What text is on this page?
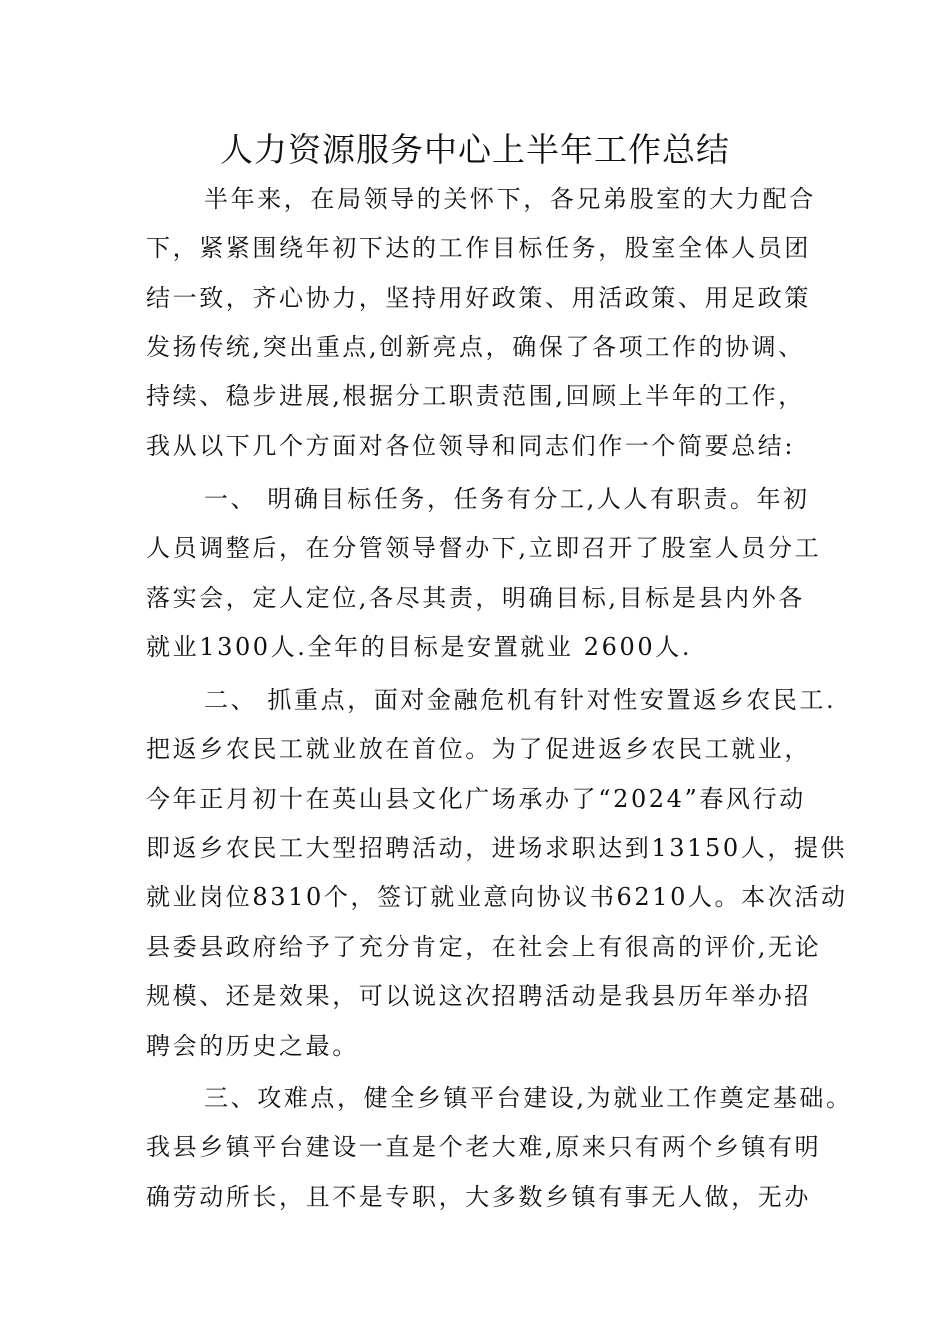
人力资源服务中心上半年工作总结
半年来，在局领导的关怀下，各兄弟股室的大力配合
下，紧紧围绕年初下达的工作目标任务，股室全体人员团
结一致，齐心协力，坚持用好政策、用活政策、用足政策
发扬传统,突出重点,创新亮点，确保了各项工作的协调、
持续、稳步进展,根据分工职责范围,回顾上半年的工作，
我从以下几个方面对各位领导和同志们作一个简要总结:
一、 明确目标任务，任务有分工,人人有职责。年初
人员调整后，在分管领导督办下,立即召开了股室人员分工
落实会，定人定位,各尽其责，明确目标,目标是县内外各
就业1300人.全年的目标是安置就业 2600人.
二、 抓重点，面对金融危机有针对性安置返乡农民工.
把返乡农民工就业放在首位。为了促进返乡农民工就业，
今年正月初十在英山县文化广场承办了“2024”春风行动
即返乡农民工大型招聘活动，进场求职达到13150人，提供
就业岗位8310个，签订就业意向协议书6210人。本次活动
县委县政府给予了充分肯定，在社会上有很高的评价,无论
规模、还是效果，可以说这次招聘活动是我县历年举办招
聘会的历史之最。
三、攻难点，健全乡镇平台建设,为就业工作奠定基础。
我县乡镇平台建设一直是个老大难,原来只有两个乡镇有明
确劳动所长，且不是专职，大多数乡镇有事无人做，无办
